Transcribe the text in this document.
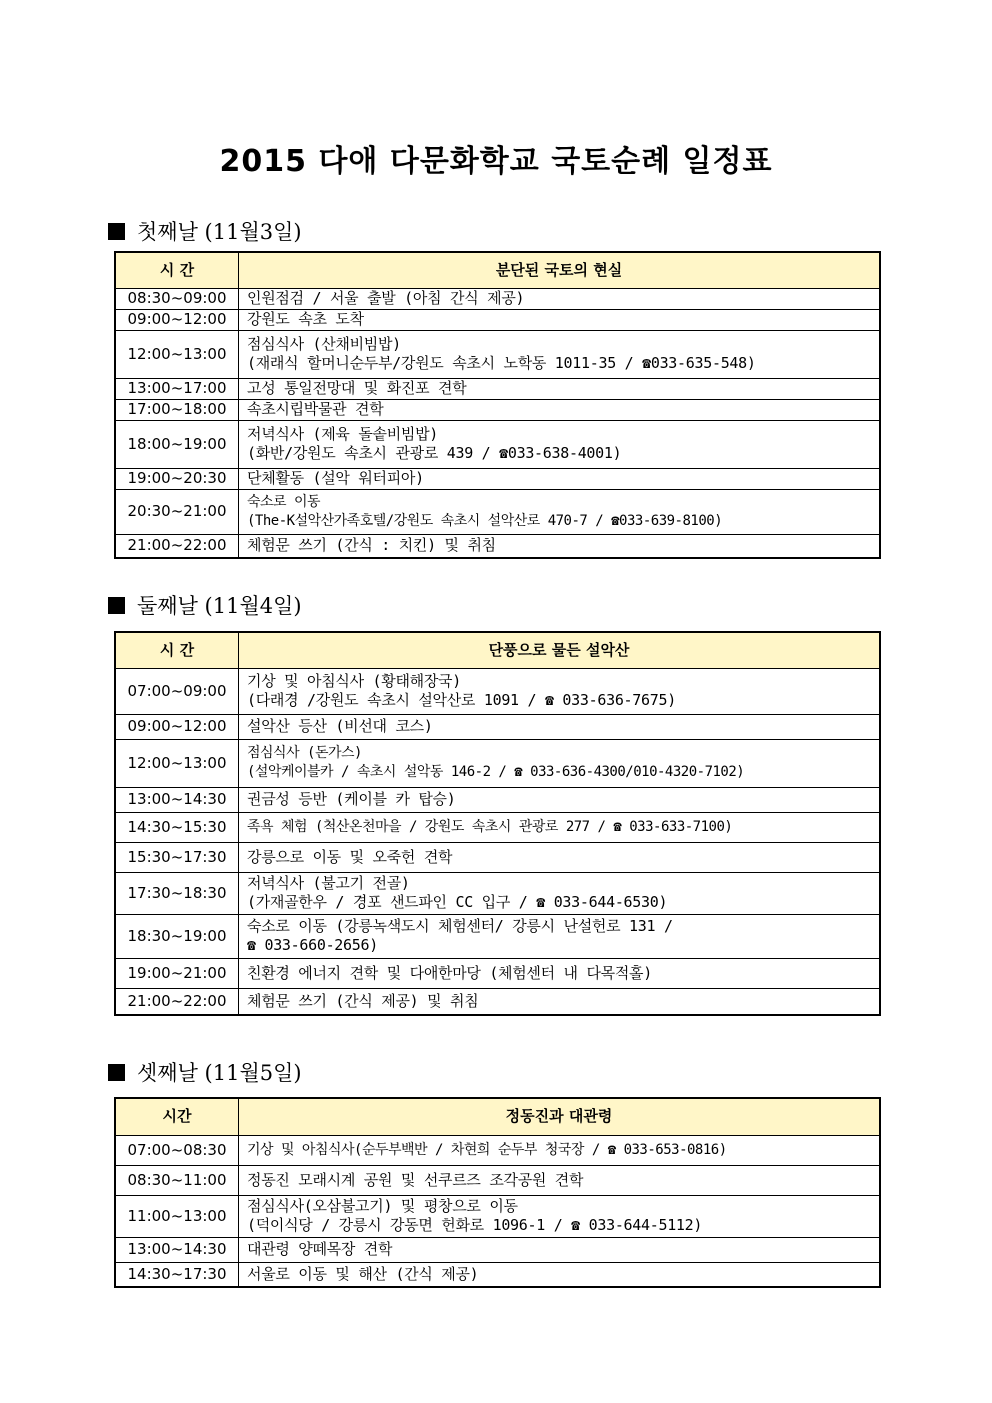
2015 다애 다문화학교 국토순례 일정표
첫째날 (11월3일)
시 간	분단된 국토의 현실
08:30~09:00	인원점검 / 서울 출발 (아침 간식 제공)
09:00~12:00	강원도 속초 도착
12:00~13:00	점심식사 (산채비빔밥)
(재래식 할머니순두부/강원도 속초시 노학동 1011-35 / ☎033-635-548)

13:00~17:00	고성 통일전망대 및 화진포 견학
17:00~18:00	속초시립박물관 견학
18:00~19:00	저녁식사 (제육 돌솥비빔밥)
(화반/강원도 속초시 관광로 439 / ☎033-638-4001)

19:00~20:30	단체활동 (설악 워터피아)
20:30~21:00	숙소로 이동
(The-K설악산가족호텔/강원도 속초시 설악산로 470-7 / ☎033-639-8100)

21:00~22:00	체험문 쓰기 (간식 : 치킨) 및 취침
둘째날 (11월4일)
시 간	단풍으로 물든 설악산
07:00~09:00	기상 및 아침식사 (황태해장국)
(다래경 /강원도 속초시 설악산로 1091 / ☎ 033-636-7675)

09:00~12:00	설악산 등산 (비선대 코스)
12:00~13:00	점심식사 (돈가스)
(설악케이블카 / 속초시 설악동 146-2 / ☎ 033-636-4300/010-4320-7102)

13:00~14:30	권금성 등반 (케이블 카 탑승)
14:30~15:30	족욕 체험 (척산온천마을 / 강원도 속초시 관광로 277 / ☎ 033-633-7100)
15:30~17:30	강릉으로 이동 및 오죽헌 견학
17:30~18:30	저녁식사 (불고기 전골)
(가재골한우 / 경포 샌드파인 CC 입구 / ☎ 033-644-6530)

18:30~19:00	숙소로 이동 (강릉녹색도시 체험센터/ 강릉시 난설헌로 131 /
☎ 033-660-2656)

19:00~21:00	친환경 에너지 견학 및 다애한마당 (체험센터 내 다목적홀)
21:00~22:00	체험문 쓰기 (간식 제공) 및 취침
셋째날 (11월5일)
시간	정동진과 대관령
07:00~08:30	기상 및 아침식사(순두부백반 / 차현희 순두부 청국장 / ☎ 033-653-0816)
08:30~11:00	정동진 모래시계 공원 및 선쿠르즈 조각공원 견학
11:00~13:00	점심식사(오삼불고기) 및 평창으로 이동
(덕이식당 / 강릉시 강동면 헌화로 1096-1 / ☎ 033-644-5112)

13:00~14:30	대관령 양떼목장 견학
14:30~17:30	서울로 이동 및 해산 (간식 제공)
